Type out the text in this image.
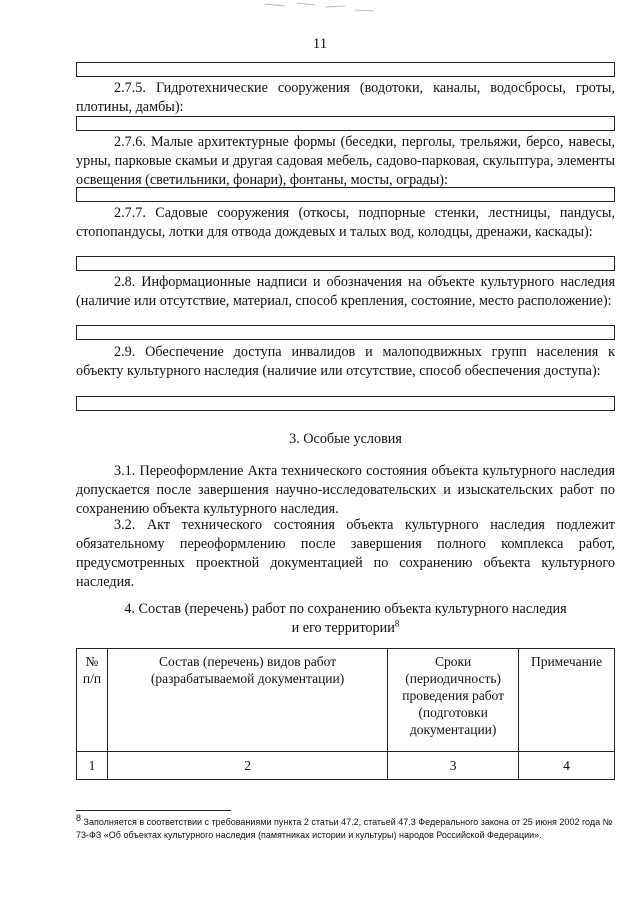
11
2.7.5. Гидротехнические сооружения (водотоки, каналы, водосбросы, гроты, плотины, дамбы):
2.7.6. Малые архитектурные формы (беседки, перголы, трельяжи, берсо, навесы, урны, парковые скамьи и другая садовая мебель, садово-парковая, скульптура, элементы освещения (светильники, фонари), фонтаны, мосты, ограды):
2.7.7. Садовые сооружения (откосы, подпорные стенки, лестницы, пандусы, стопопандусы, лотки для отвода дождевых и талых вод, колодцы, дренажи, каскады):
2.8. Информационные надписи и обозначения на объекте культурного наследия (наличие или отсутствие, материал, способ крепления, состояние, место расположение):
2.9. Обеспечение доступа инвалидов и малоподвижных групп населения к объекту культурного наследия (наличие или отсутствие, способ обеспечения доступа):
3. Особые условия
3.1. Переоформление Акта технического состояния объекта культурного наследия допускается после завершения научно-исследовательских и изыскательских работ по сохранению объекта культурного наследия.
3.2. Акт технического состояния объекта культурного наследия подлежит обязательному переоформлению после завершения полного комплекса работ, предусмотренных проектной документацией по сохранению объекта культурного наследия.
4. Состав (перечень) работ по сохранению объекта культурного наследия
и его территории$^8$
№ п/п	Состав (перечень) видов работ (разрабатываемой документации)	Сроки (периодичность) проведения работ (подготовки документации)	Примечание
1	2	3	4
$^8$ Заполняется в соответствии с требованиями пункта 2 статьи 47.2, статьей 47.3 Федерального закона от 25 июня 2002 года № 73-ФЗ «Об объектах культурного наследия (памятниках истории и культуры) народов Российской Федерации».
